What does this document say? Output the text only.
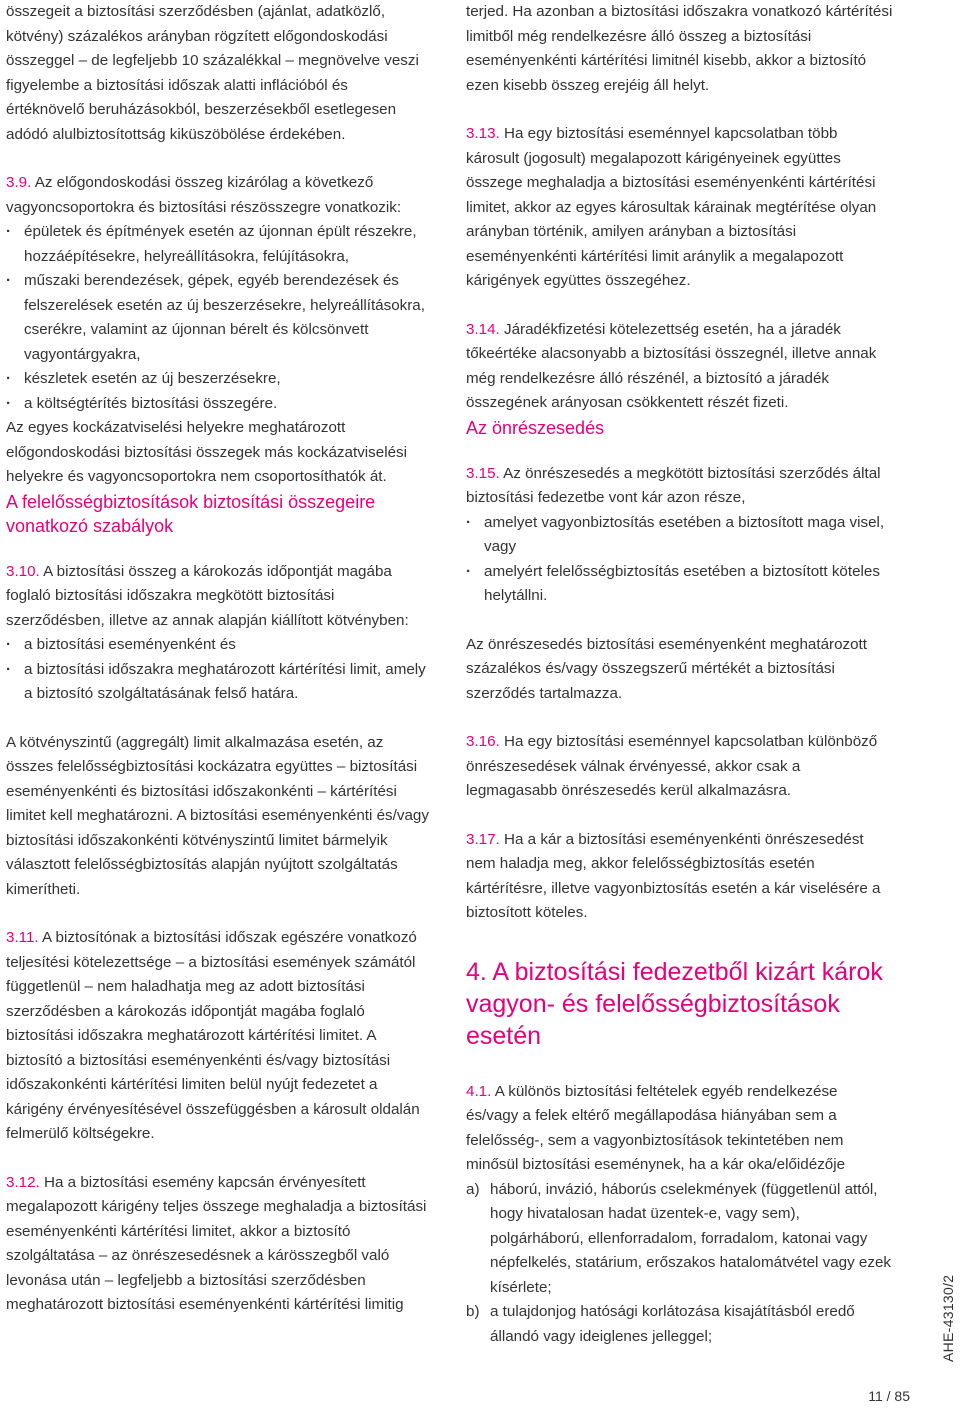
összegeit a biztosítási szerződésben (ajánlat, adatközlő, kötvény) százalékos arányban rögzített előgondoskodási összeggel – de legfeljebb 10 százalékkal – megnövelve veszi figyelembe a biztosítási időszak alatti inflációból és értéknövelő beruházásokból, beszerzésekből esetlegesen adódó alulbiztosítottság kiküszöbölése érdekében.

3.9. Az előgondoskodási összeg kizárólag a következő vagyoncsoportokra és biztosítási részösszegre vonatkozik:

· épületek és építmények esetén az újonnan épült részekre, hozzáépítésekre, helyreállításokra, felújításokra,
· műszaki berendezések, gépek, egyéb berendezések és felszerelések esetén az új beszerzésekre, helyreállításokra, cserékre, valamint az újonnan bérelt és kölcsönvett vagyontárgyakra,
· készletek esetén az új beszerzésekre,
· a költségtérítés biztosítási összegére.

Az egyes kockázatviselési helyekre meghatározott előgondoskodási biztosítási összegek más kockázatviselési helyekre és vagyoncsoportokra nem csoportosíthatók át.

A felelősségbiztosítások biztosítási összegeire vonatkozó szabályok

3.10. A biztosítási összeg a károkozás időpontját magába foglaló biztosítási időszakra megkötött biztosítási szerződésben, illetve az annak alapján kiállított kötvényben:

· a biztosítási eseményenként és
· a biztosítási időszakra meghatározott kártérítési limit, amely a biztosító szolgáltatásának felső határa.

A kötvényszintű (aggregált) limit alkalmazása esetén, az összes felelősségbiztosítási kockázatra együttes – biztosítási eseményenkénti és biztosítási időszakonkénti – kártérítési limitet kell meghatározni. A biztosítási eseményenkénti és/vagy biztosítási időszakonkénti kötvényszintű limitet bármelyik választott felelősségbiztosítás alapján nyújtott szolgáltatás kimerítheti.

3.11. A biztosítónak a biztosítási időszak egészére vonatkozó teljesítési kötelezettsége – a biztosítási események számától függetlenül – nem haladhatja meg az adott biztosítási szerződésben a károkozás időpontját magába foglaló biztosítási időszakra meghatározott kártérítési limitet. A biztosító a biztosítási eseményenkénti és/vagy biztosítási időszakonkénti kártérítési limiten belül nyújt fedezetet a kárigény érvényesítésével összefüggésben a károsult oldalán felmerülő költségekre.

3.12. Ha a biztosítási esemény kapcsán érvényesített megalapozott kárigény teljes összege meghaladja a biztosítási eseményenkénti kártérítési limitet, akkor a biztosító szolgáltatása – az önrészesedésnek a kárösszegből való levonása után – legfeljebb a biztosítási szerződésben meghatározott biztosítási eseményenkénti kártérítési limitig

terjed. Ha azonban a biztosítási időszakra vonatkozó kártérítési limitből még rendelkezésre álló összeg a biztosítási eseményenkénti kártérítési limitnél kisebb, akkor a biztosító ezen kisebb összeg erejéig áll helyt.

3.13. Ha egy biztosítási eseménnyel kapcsolatban több károsult (jogosult) megalapozott kárigényeinek együttes összege meghaladja a biztosítási eseményenkénti kártérítési limitet, akkor az egyes károsultak kárainak megtérítése olyan arányban történik, amilyen arányban a biztosítási eseményenkénti kártérítési limit aránylik a megalapozott kárigények együttes összegéhez.

3.14. Járadékfizetési kötelezettség esetén, ha a járadék tőkeértéke alacsonyabb a biztosítási összegnél, illetve annak még rendelkezésre álló részénél, a biztosító a járadék összegének arányosan csökkentett részét fizeti.

Az önrészesedés

3.15. Az önrészesedés a megkötött biztosítási szerződés által biztosítási fedezetbe vont kár azon része,

· amelyet vagyonbiztosítás esetében a biztosított maga visel, vagy
· amelyért felelősségbiztosítás esetében a biztosított köteles helytállni.

Az önrészesedés biztosítási eseményenként meghatározott százalékos és/vagy összegszerű mértékét a biztosítási szerződés tartalmazza.

3.16. Ha egy biztosítási eseménnyel kapcsolatban különböző önrészesedések válnak érvényessé, akkor csak a legmagasabb önrészesedés kerül alkalmazásra.

3.17. Ha a kár a biztosítási eseményenkénti önrészesedést nem haladja meg, akkor felelősségbiztosítás esetén kártérítésre, illetve vagyonbiztosítás esetén a kár viselésére a biztosított köteles.

4. A biztosítási fedezetből kizárt károk vagyon- és felelősségbiztosítások esetén

4.1. A különös biztosítási feltételek egyéb rendelkezése és/vagy a felek eltérő megállapodása hiányában sem a felelősség-, sem a vagyonbiztosítások tekintetében nem minősül biztosítási eseménynek, ha a kár oka/előidézője

a) háború, invázió, háborús cselekmények (függetlenül attól, hogy hivatalosan hadat üzentek-e, vagy sem), polgárháború, ellenforradalom, forradalom, katonai vagy népfelkelés, statárium, erőszakos hatalomátvétel vagy ezek kísérlete;
b) a tulajdonjog hatósági korlátozása kisajátításból eredő állandó vagy ideiglenes jelleggel;	AHE-43130/2
11 / 85
